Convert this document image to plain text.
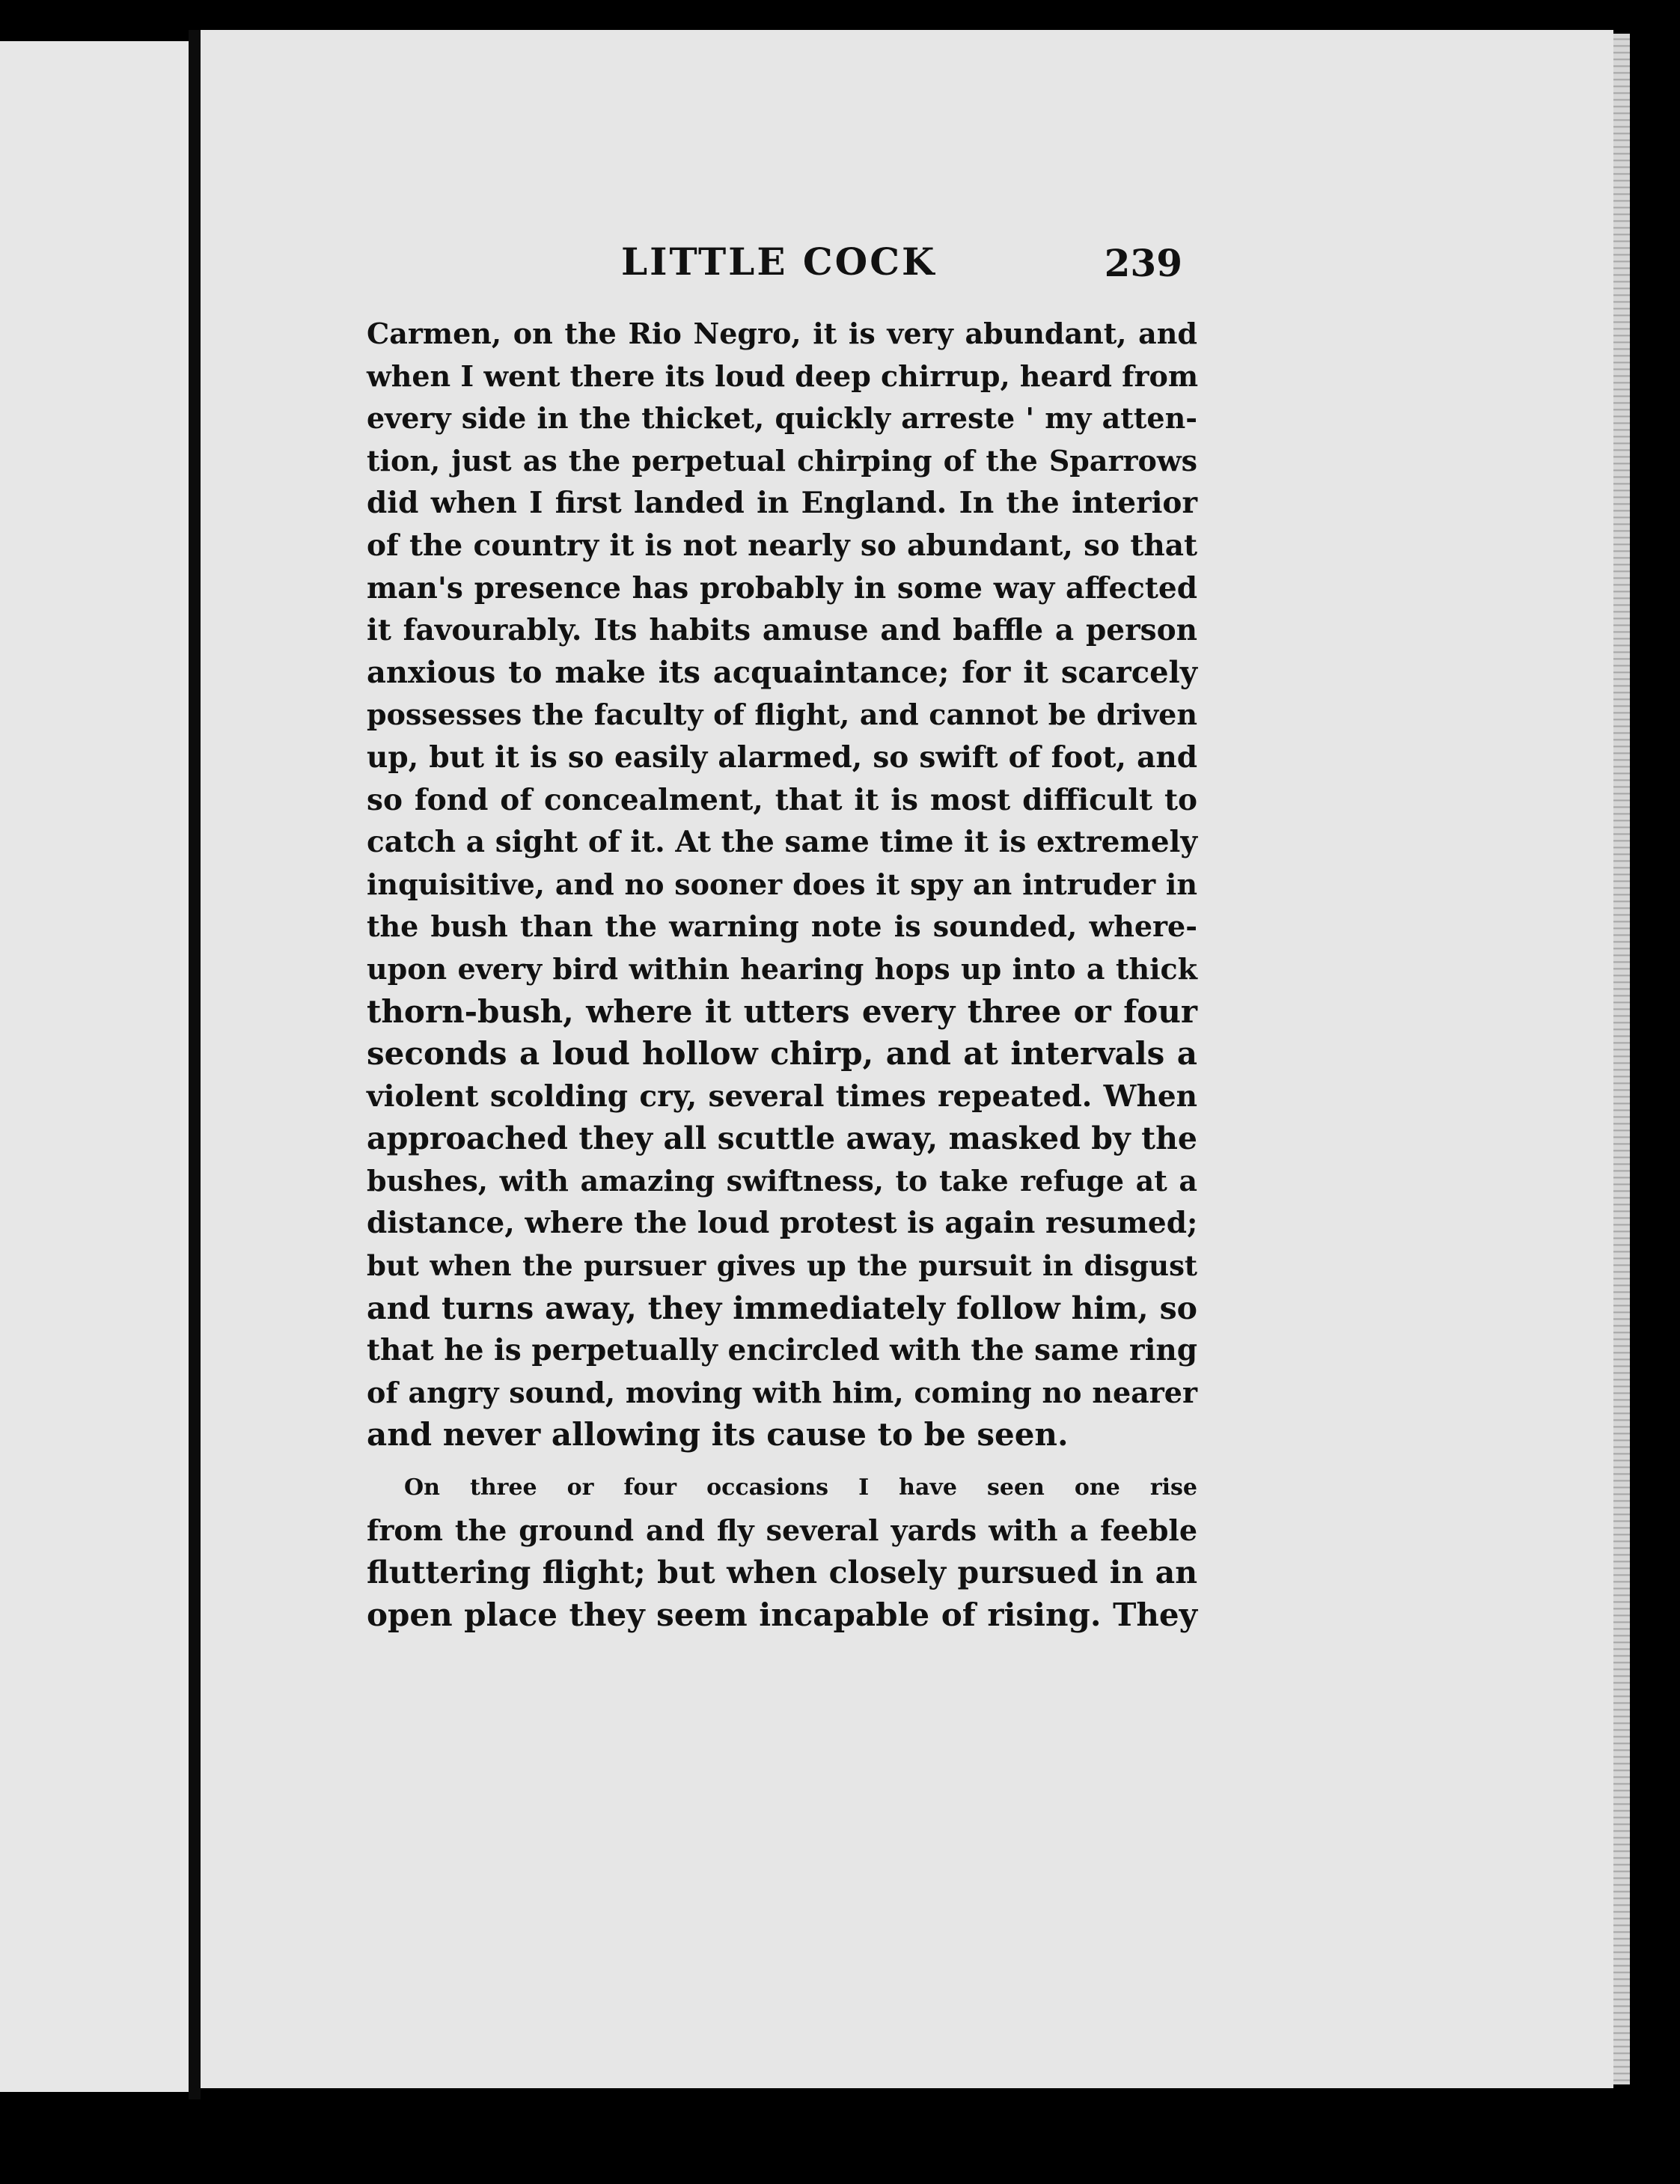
LITTLE COCK	239

Carmen, on the Rio Negro, it is very abundant, and
when I went there its loud deep chirrup, heard from
every side in the thicket, quickly arreste ' my atten-
tion, just as the perpetual chirping of the Sparrows
did when I first landed in England. In the interior
of the country it is not nearly so abundant, so that
man's presence has probably in some way affected
it favourably. Its habits amuse and baffle a person
anxious to make its acquaintance; for it scarcely
possesses the faculty of flight, and cannot be driven
up, but it is so easily alarmed, so swift of foot, and
so fond of concealment, that it is most difficult to
catch a sight of it. At the same time it is extremely
inquisitive, and no sooner does it spy an intruder in
the bush than the warning note is sounded, where-
upon every bird within hearing hops up into a thick
thorn-bush, where it utters every three or four
seconds a loud hollow chirp, and at intervals a
violent scolding cry, several times repeated. When
approached they all scuttle away, masked by the
bushes, with amazing swiftness, to take refuge at a
distance, where the loud protest is again resumed;
but when the pursuer gives up the pursuit in disgust
and turns away, they immediately follow him, so
that he is perpetually encircled with the same ring
of angry sound, moving with him, coming no nearer
and never allowing its cause to be seen.

On three or four occasions I have seen one rise
from the ground and fly several yards with a feeble
fluttering flight; but when closely pursued in an
open place they seem incapable of rising. They
